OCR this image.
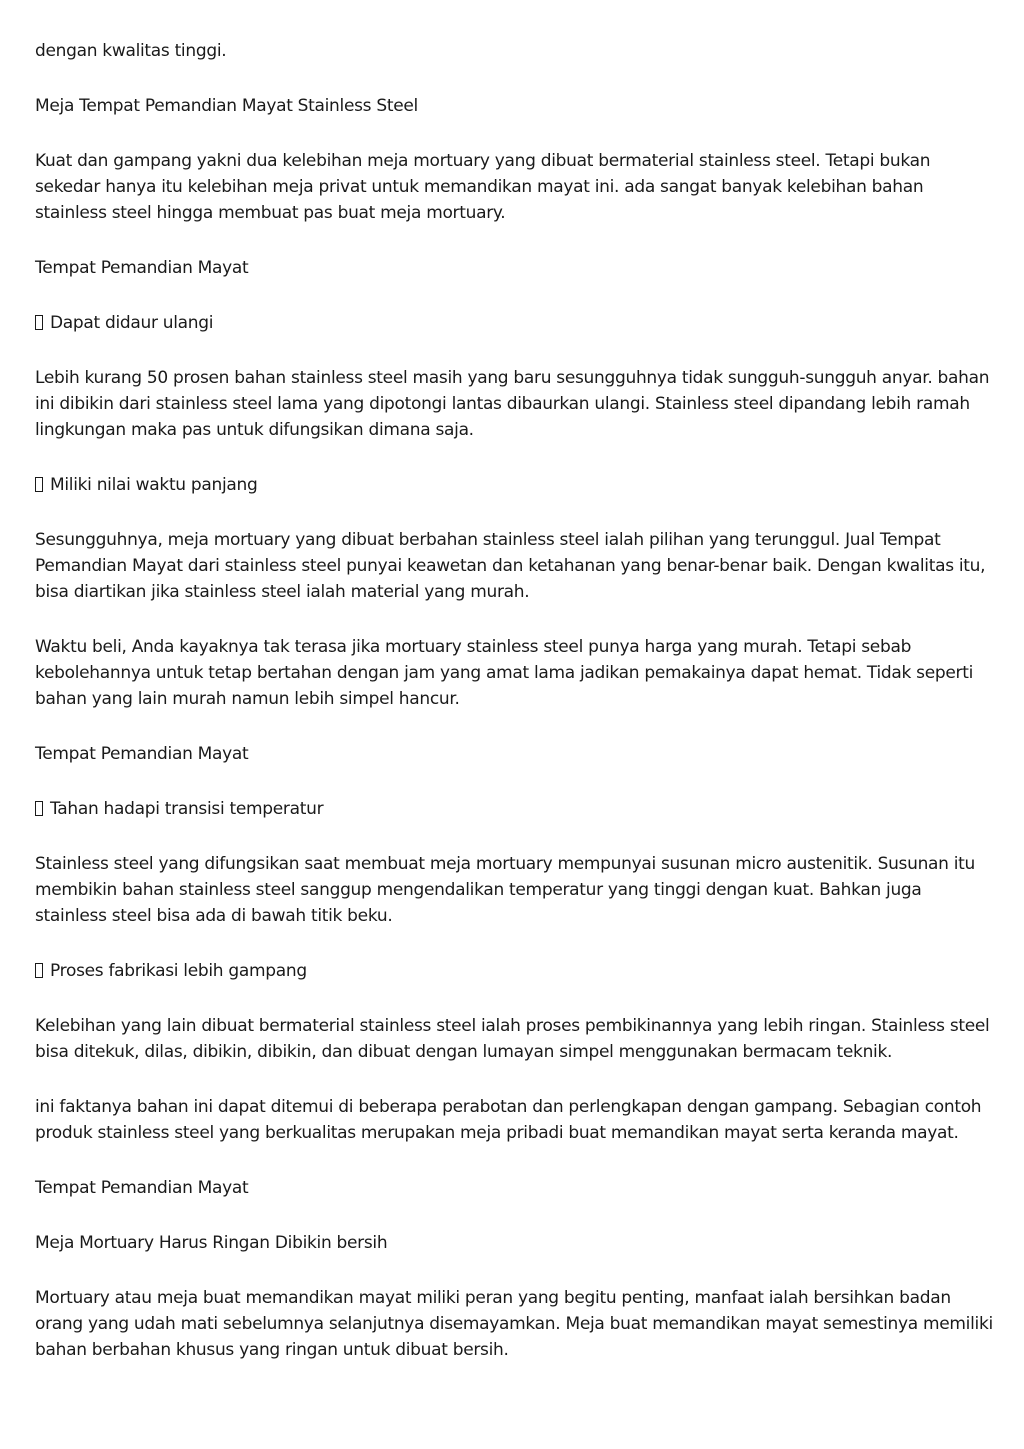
dengan kwalitas tinggi.

Meja Tempat Pemandian Mayat Stainless Steel

Kuat dan gampang yakni dua kelebihan meja mortuary yang dibuat bermaterial stainless steel. Tetapi bukan sekedar hanya itu kelebihan meja privat untuk memandikan mayat ini. ada sangat banyak kelebihan bahan stainless steel hingga membuat pas buat meja mortuary.

Tempat Pemandian Mayat

Dapat didaur ulangi

Lebih kurang 50 prosen bahan stainless steel masih yang baru sesungguhnya tidak sungguh-sungguh anyar. bahan ini dibikin dari stainless steel lama yang dipotongi lantas dibaurkan ulangi. Stainless steel dipandang lebih ramah lingkungan maka pas untuk difungsikan dimana saja.

Miliki nilai waktu panjang

Sesungguhnya, meja mortuary yang dibuat berbahan stainless steel ialah pilihan yang terunggul. Jual Tempat Pemandian Mayat dari stainless steel punyai keawetan dan ketahanan yang benar-benar baik. Dengan kwalitas itu, bisa diartikan jika stainless steel ialah material yang murah.

Waktu beli, Anda kayaknya tak terasa jika mortuary stainless steel punya harga yang murah. Tetapi sebab kebolehannya untuk tetap bertahan dengan jam yang amat lama jadikan pemakainya dapat hemat. Tidak seperti bahan yang lain murah namun lebih simpel hancur.

Tempat Pemandian Mayat

Tahan hadapi transisi temperatur

Stainless steel yang difungsikan saat membuat meja mortuary mempunyai susunan micro austenitik. Susunan itu membikin bahan stainless steel sanggup mengendalikan temperatur yang tinggi dengan kuat. Bahkan juga stainless steel bisa ada di bawah titik beku.

Proses fabrikasi lebih gampang

Kelebihan yang lain dibuat bermaterial stainless steel ialah proses pembikinannya yang lebih ringan. Stainless steel bisa ditekuk, dilas, dibikin, dibikin, dan dibuat dengan lumayan simpel menggunakan bermacam teknik.

ini faktanya bahan ini dapat ditemui di beberapa perabotan dan perlengkapan dengan gampang. Sebagian contoh produk stainless steel yang berkualitas merupakan meja pribadi buat memandikan mayat serta keranda mayat.

Tempat Pemandian Mayat

Meja Mortuary Harus Ringan Dibikin bersih

Mortuary atau meja buat memandikan mayat miliki peran yang begitu penting, manfaat ialah bersihkan badan orang yang udah mati sebelumnya selanjutnya disemayamkan. Meja buat memandikan mayat semestinya memiliki bahan berbahan khusus yang ringan untuk dibuat bersih.
